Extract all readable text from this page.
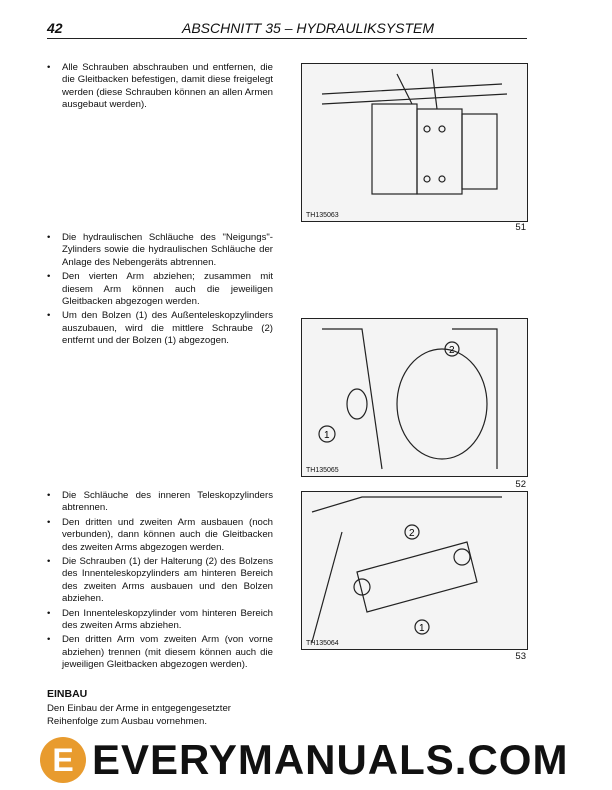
42	ABSCHNITT 35 – HYDRAULIKSYSTEM
• Alle Schrauben abschrauben und entfernen, die die Gleitbacken befestigen, damit diese freigelegt werden (diese Schrauben können an allen Armen ausgebaut werden).
• Die hydraulischen Schläuche des "Neigungs"-Zylinders sowie die hydraulischen Schläuche der Anlage des Nebengeräts abtrennen.
• Den vierten Arm abziehen; zusammen mit diesem Arm können auch die jeweiligen Gleitbacken abgezogen werden.
• Um den Bolzen (1) des Außenteleskopzylinders auszubauen, wird die mittlere Schraube (2) entfernt und der Bolzen (1) abgezogen.
• Die Schläuche des inneren Teleskopzylinders abtrennen.
• Den dritten und zweiten Arm ausbauen (noch verbunden), dann können auch die Gleitbacken des zweiten Arms abgezogen werden.
• Die Schrauben (1) der Halterung (2) des Bolzens des Innenteleskopzylinders am hinteren Bereich des zweiten Arms ausbauen und den Bolzen abziehen.
• Den Innenteleskopzylinder vom hinteren Bereich des zweiten Arms abziehen.
• Den dritten Arm vom zweiten Arm (von vorne abziehen) trennen (mit diesem können auch die jeweiligen Gleitbacken abgezogen werden).
EINBAU
Den Einbau der Arme in entgegengesetzter Reihenfolge zum Ausbau vornehmen.
TH135063
51
1
2
TH135065
52
1
2
TH135064
53
E EVERYMANUALS.COM
